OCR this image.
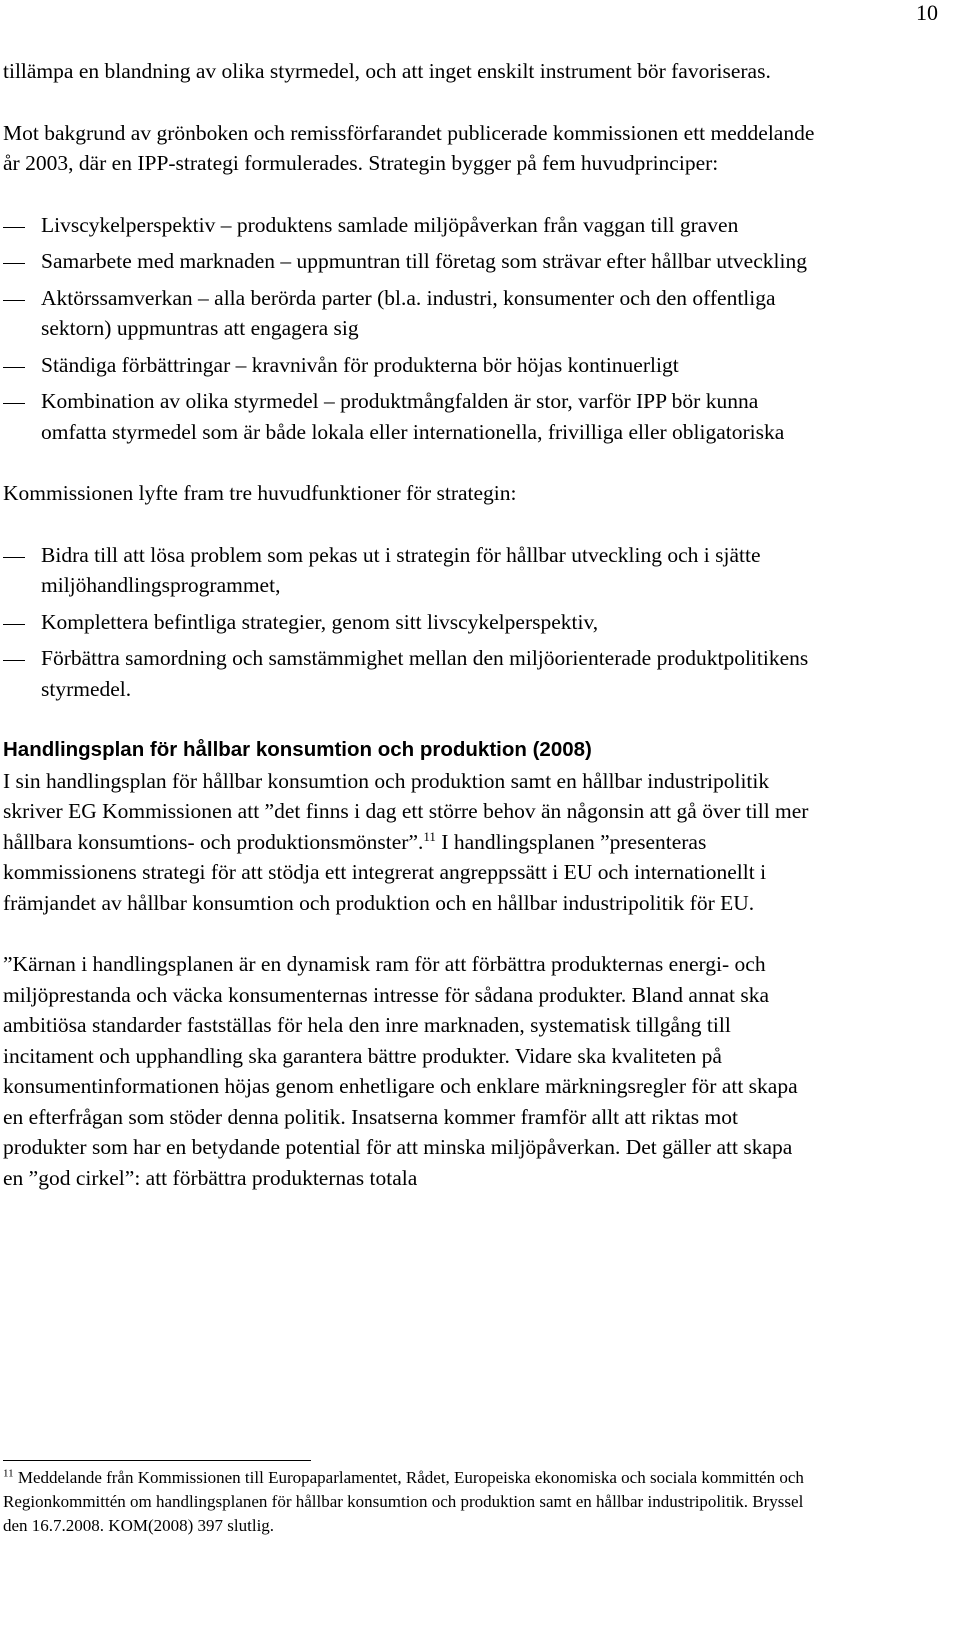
10

tillämpa en blandning av olika styrmedel, och att inget enskilt instrument bör favoriseras.

Mot bakgrund av grönboken och remissförfarandet publicerade kommissionen ett meddelande år 2003, där en IPP-strategi formulerades. Strategin bygger på fem huvudprinciper:

Livscykelperspektiv – produktens samlade miljöpåverkan från vaggan till graven
Samarbete med marknaden – uppmuntran till företag som strävar efter hållbar utveckling
Aktörssamverkan – alla berörda parter (bl.a. industri, konsumenter och den offentliga sektorn) uppmuntras att engagera sig
Ständiga förbättringar – kravnivån för produkterna bör höjas kontinuerligt
Kombination av olika styrmedel – produktmångfalden är stor, varför IPP bör kunna omfatta styrmedel som är både lokala eller internationella, frivilliga eller obligatoriska

Kommissionen lyfte fram tre huvudfunktioner för strategin:

Bidra till att lösa problem som pekas ut i strategin för hållbar utveckling och i sjätte miljöhandlingsprogrammet,
Komplettera befintliga strategier, genom sitt livscykelperspektiv,
Förbättra samordning och samstämmighet mellan den miljöorienterade produktpolitikens styrmedel.
Handlingsplan för hållbar konsumtion och produktion (2008)

I sin handlingsplan för hållbar konsumtion och produktion samt en hållbar industripolitik skriver EG Kommissionen att ”det finns i dag ett större behov än någonsin att gå över till mer hållbara konsumtions- och produktionsmönster”.$^{11}$ I handlingsplanen ”presenteras kommissionens strategi för att stödja ett integrerat angreppssätt i EU och internationellt i främjandet av hållbar konsumtion och produktion och en hållbar industripolitik för EU.

”Kärnan i handlingsplanen är en dynamisk ram för att förbättra produkternas energi- och miljöprestanda och väcka konsumenternas intresse för sådana produkter. Bland annat ska ambitiösa standarder fastställas för hela den inre marknaden, systematisk tillgång till incitament och upphandling ska garantera bättre produkter. Vidare ska kvaliteten på konsumentinformationen höjas genom enhetligare och enklare märkningsregler för att skapa en efterfrågan som stöder denna politik. Insatserna kommer framför allt att riktas mot produkter som har en betydande potential för att minska miljöpåverkan. Det gäller att skapa en ”god cirkel”: att förbättra produkternas totala

$^{11}$ Meddelande från Kommissionen till Europaparlamentet, Rådet, Europeiska ekonomiska och sociala kommittén och Regionkommittén om handlingsplanen för hållbar konsumtion och produktion samt en hållbar industripolitik. Bryssel den 16.7.2008. KOM(2008) 397 slutlig.
